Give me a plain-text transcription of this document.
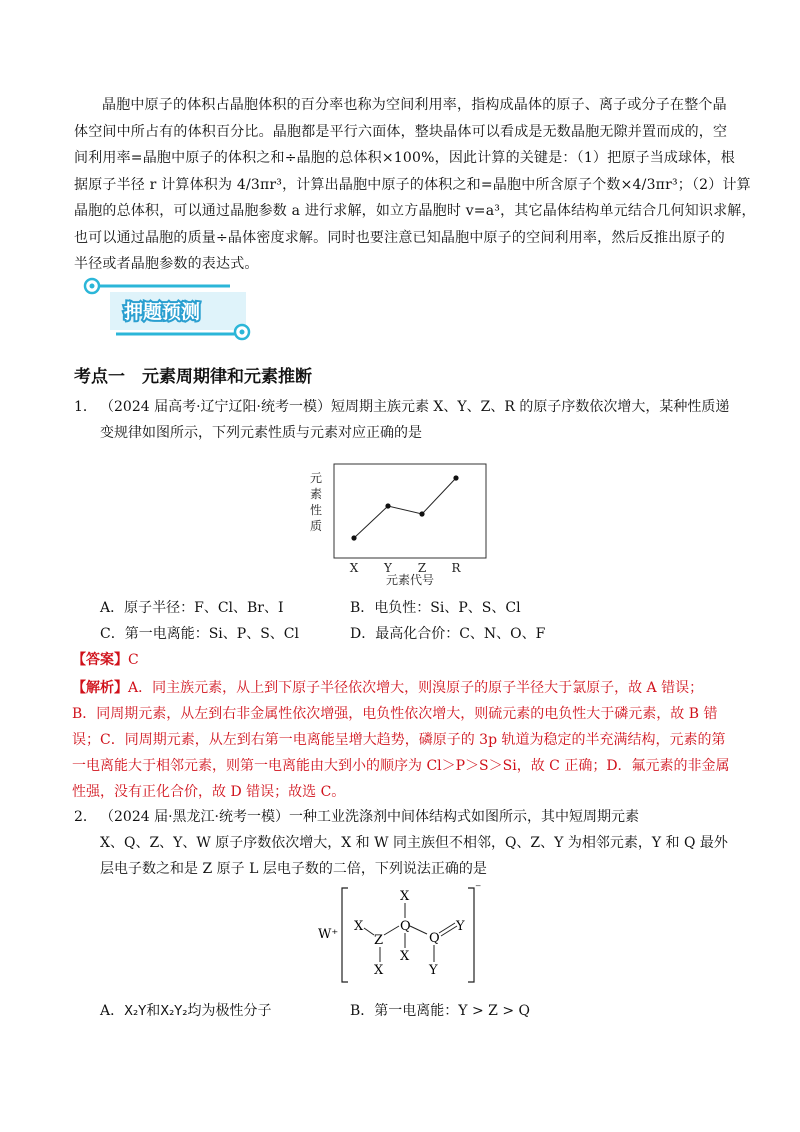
晶胞中原子的体积占晶胞体积的百分率也称为空间利用率，指构成晶体的原子、离子或分子在整个晶
体空间中所占有的体积百分比。晶胞都是平行六面体，整块晶体可以看成是无数晶胞无隙并置而成的，空
间利用率=晶胞中原子的体积之和÷晶胞的总体积×100%，因此计算的关键是：（1）把原子当成球体，根
据原子半径 r 计算体积为 4/3πr³，计算出晶胞中原子的体积之和=晶胞中所含原子个数×4/3πr³；（2）计算
晶胞的总体积，可以通过晶胞参数 a 进行求解，如立方晶胞时 v=a³，其它晶体结构单元结合几何知识求解，
也可以通过晶胞的质量÷晶体密度求解。同时也要注意已知晶胞中原子的空间利用率，然后反推出原子的
半径或者晶胞参数的表达式。
押题预测
考点一　元素周期律和元素推断
1． （2024 届高考·辽宁辽阳·统考一模）短周期主族元素 X、Y、Z、R 的原子序数依次增大，某种性质递
变规律如图所示，下列元素性质与元素对应正确的是
元
素
性
质
X Y Z R
元素代号
A．原子半径：F、Cl、Br、I	B．电负性：Si、P、S、Cl
C．第一电离能：Si、P、S、Cl	D．最高化合价：C、N、O、F
【答案】C
【解析】A．同主族元素，从上到下原子半径依次增大，则溴原子的原子半径大于氯原子，故 A 错误；
B．同周期元素，从左到右非金属性依次增强，电负性依次增大，则硫元素的电负性大于磷元素，故 B 错
误；C．同周期元素，从左到右第一电离能呈增大趋势，磷原子的 3p 轨道为稳定的半充满结构，元素的第
一电离能大于相邻元素，则第一电离能由大到小的顺序为 Cl＞P＞S＞Si，故 C 正确；D．氟元素的非金属
性强，没有正化合价，故 D 错误；故选 C。
2． （2024 届·黑龙江·统考一模）一种工业洗涤剂中间体结构式如图所示，其中短周期元素
X、Q、Z、Y、W 原子序数依次增大，X 和 W 同主族但不相邻，Q、Z、Y 为相邻元素，Y 和 Q 最外
层电子数之和是 Z 原子 L 层电子数的二倍，下列说法正确的是
W⁺
⁻
X
Z
X
Q
Q
Y
X
X
Y
A．X₂Y和X₂Y₂均为极性分子	B．第一电离能：Y > Z > Q
